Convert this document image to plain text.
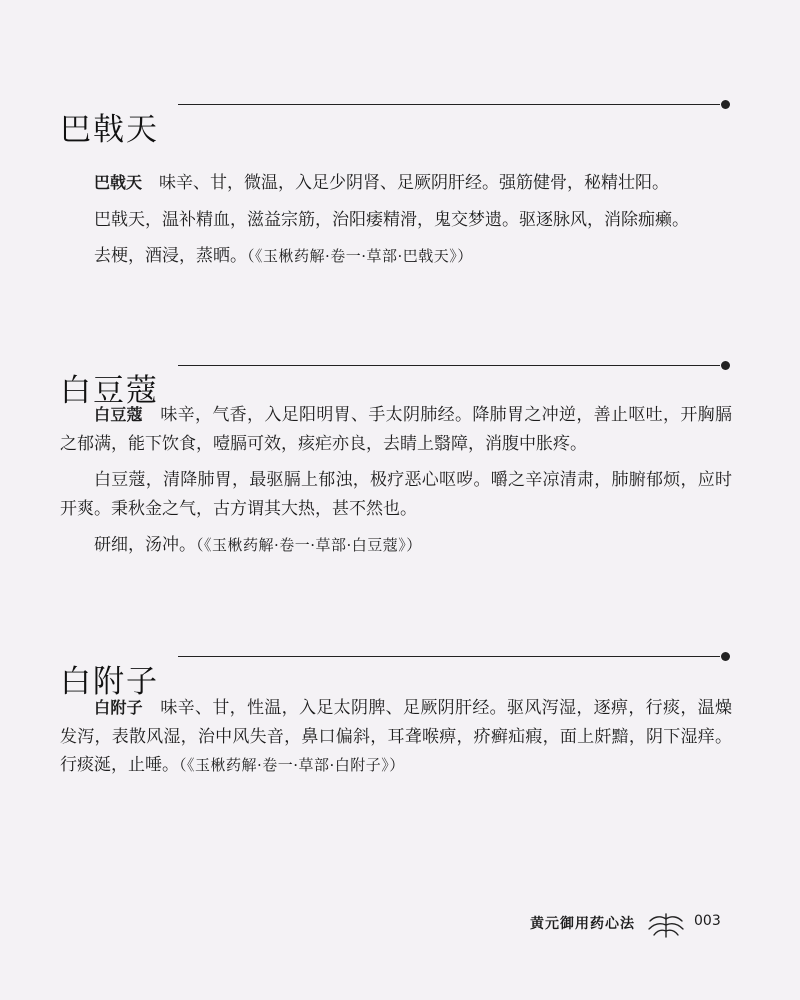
巴戟天

巴戟天　 味辛、甘，微温，入足少阴肾、足厥阴肝经。强筋健骨，秘精壮阳。

巴戟天，温补精血，滋益宗筋，治阳痿精滑，鬼交梦遗。驱逐脉风，消除痂癞。

去梗，酒浸，蒸晒。（《玉楸药解·卷一·草部·巴戟天》）

白豆蔻

白豆蔻　 味辛，气香，入足阳明胃、手太阴肺经。降肺胃之冲逆，善止呕吐，开胸膈之郁满，能下饮食，噎膈可效，痎疟亦良，去睛上翳障，消腹中胀疼。

白豆蔻，清降肺胃，最驱膈上郁浊，极疗恶心呕哕。嚼之辛凉清肃，肺腑郁烦，应时开爽。秉秋金之气，古方谓其大热，甚不然也。

研细，汤冲。（《玉楸药解·卷一·草部·白豆蔻》）

白附子

白附子　 味辛、甘，性温，入足太阴脾、足厥阴肝经。驱风泻湿，逐痹，行痰，温燥发泻，表散风湿，治中风失音，鼻口偏斜，耳聋喉痹，疥癣疝瘕，面上皯黯，阴下湿痒。行痰涎，止唾。（《玉楸药解·卷一·草部·白附子》）

黄元御用药心法	003
